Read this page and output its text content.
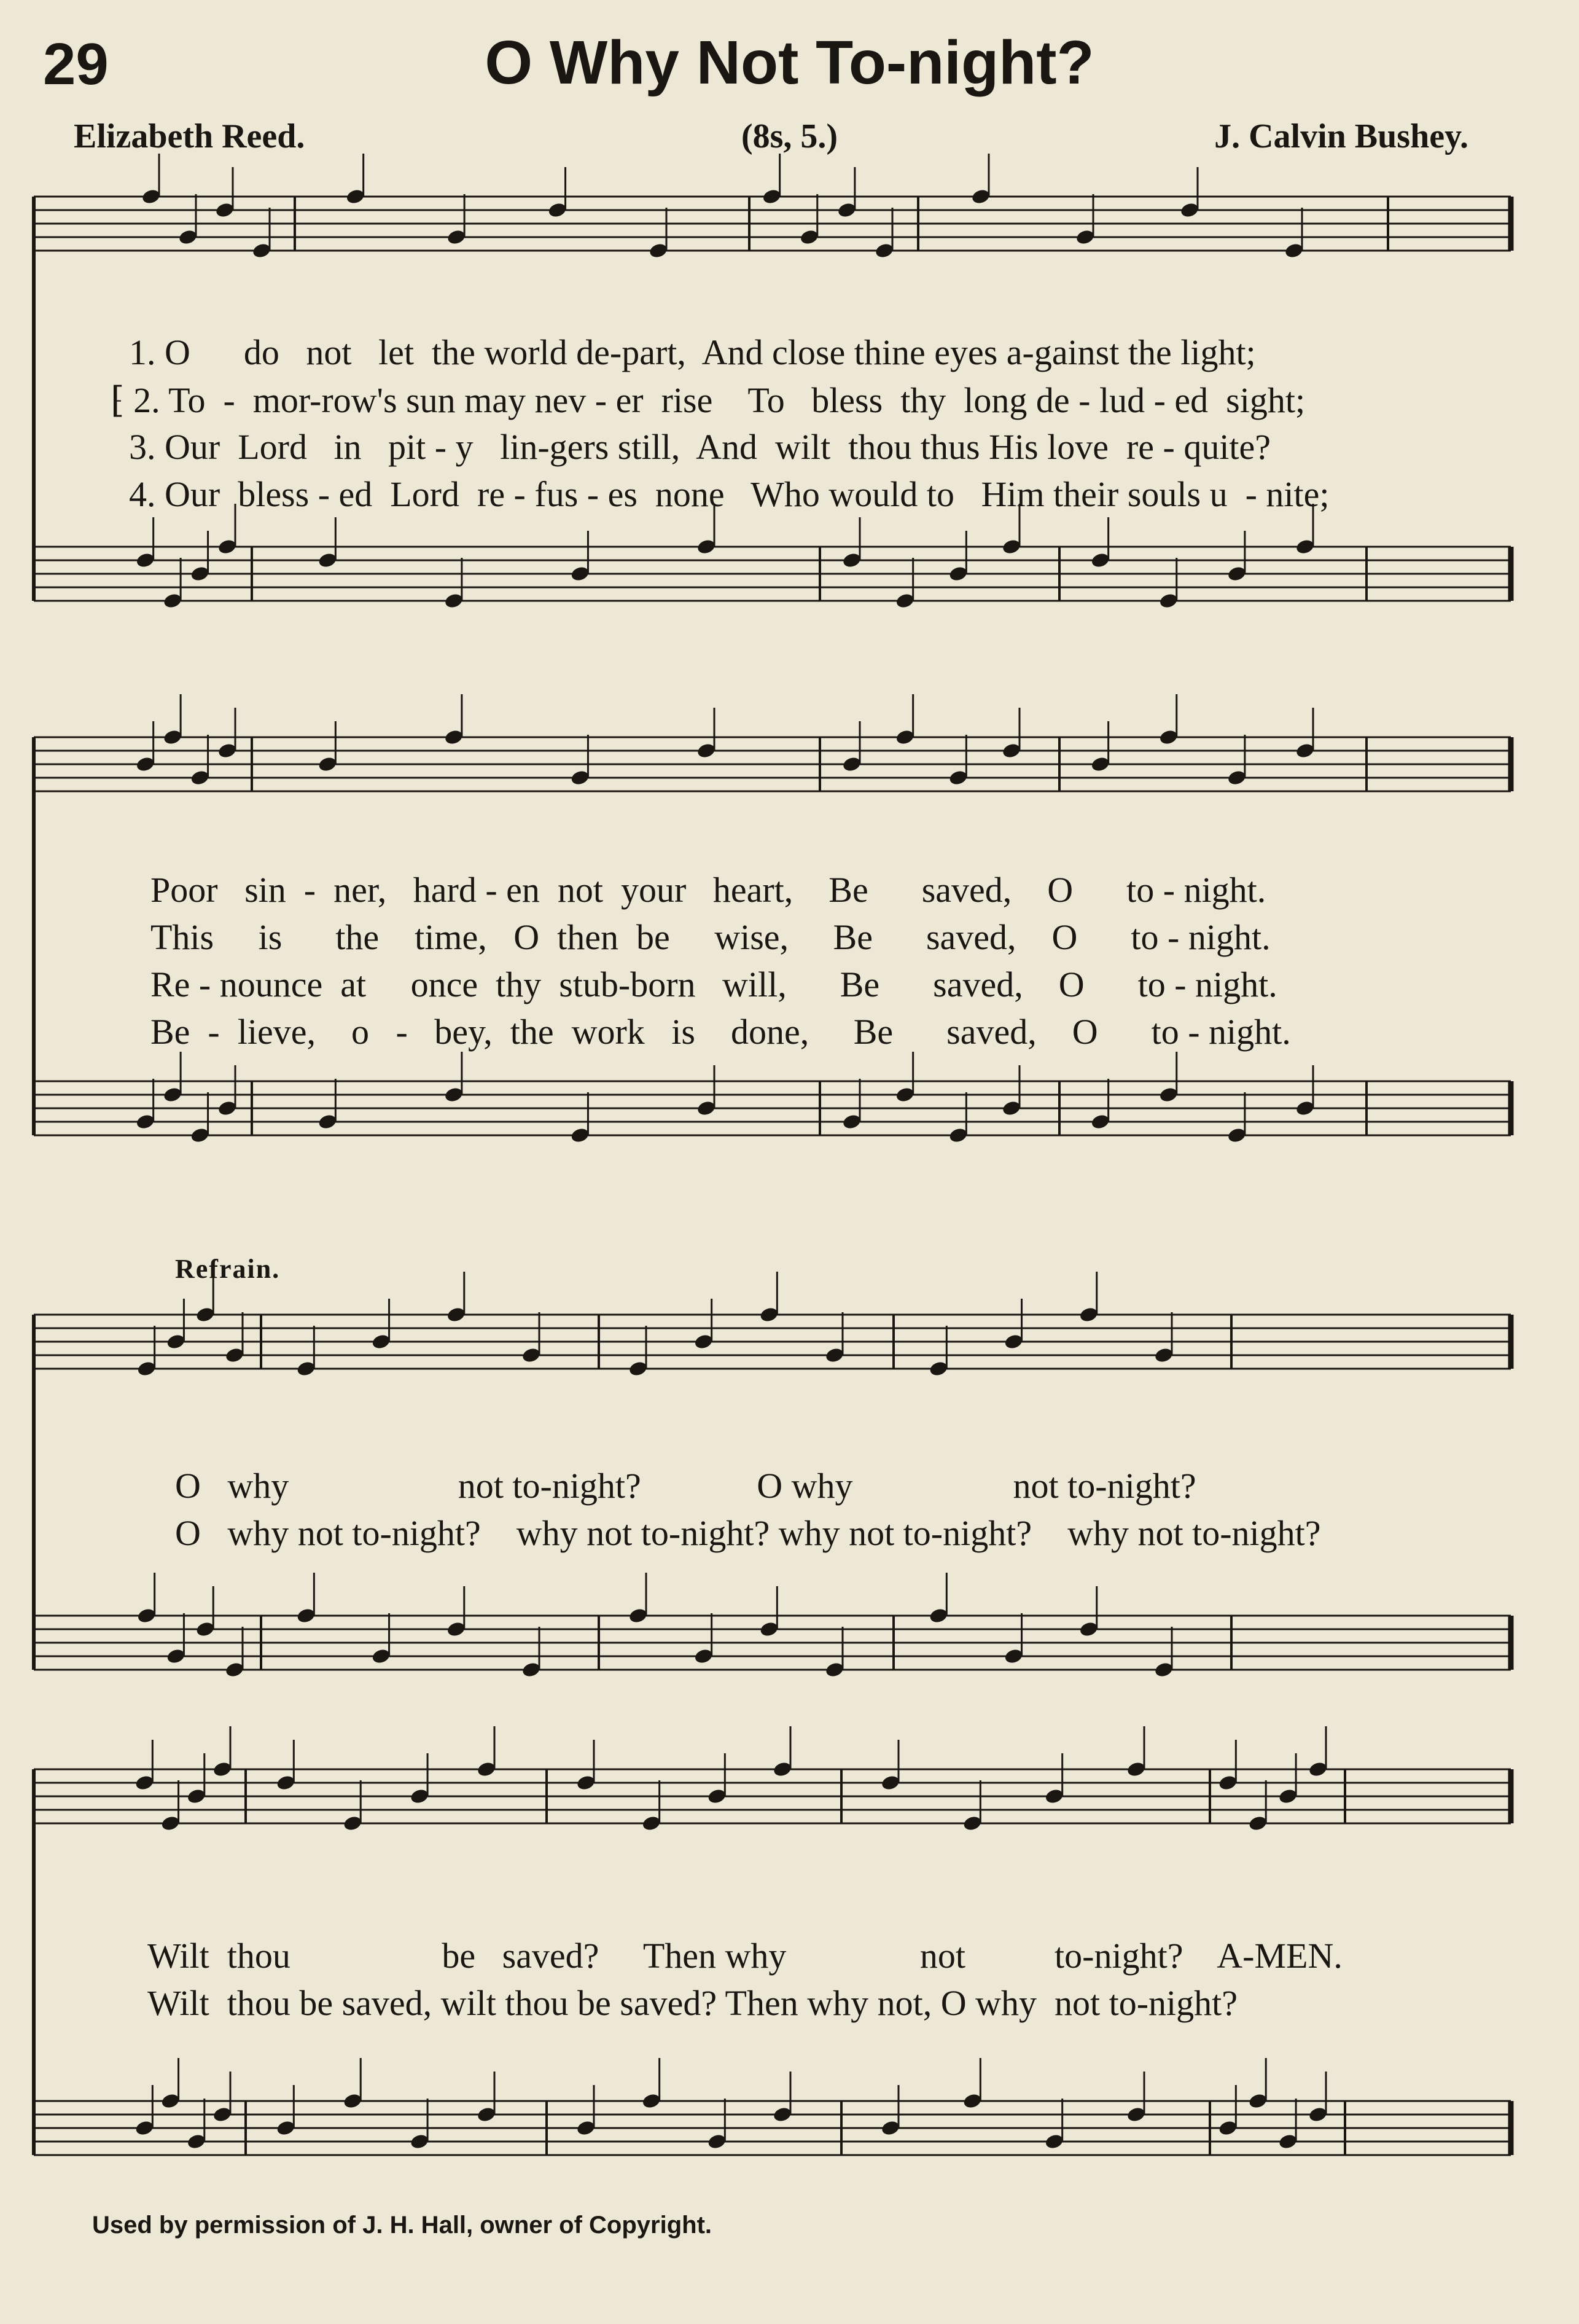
29	O Why Not To-night?
Elizabeth Reed.	(8s, 5.)	J. Calvin Bushey.
1. O      do   not   let  the world de-part,  And close thine eyes a-gainst the light;
⁅ 2. To  -  mor-row's sun may nev - er  rise    To   bless  thy  long de - lud - ed  sight;
3. Our  Lord   in   pit - y   lin-gers still,  And  wilt  thou thus His love  re - quite?
4. Our  bless - ed  Lord  re - fus - es  none   Who would to   Him their souls u  - nite;
Poor   sin  -  ner,   hard - en  not  your   heart,    Be      saved,    O      to - night.
This     is      the    time,   O  then  be     wise,     Be      saved,    O      to - night.
Re - nounce  at     once  thy  stub-born   will,      Be      saved,    O      to - night.
Be  -  lieve,    o   -   bey,  the  work   is    done,     Be      saved,    O      to - night.
Refrain.
O   why                   not to-night?             O why                  not to-night?
O   why not to-night?    why not to-night? why not to-night?    why not to-night?
Wilt  thou                 be   saved?     Then why               not          to-night?    A-MEN.
Wilt  thou be saved, wilt thou be saved? Then why not, O why  not to-night?
Used by permission of J. H. Hall, owner of Copyright.
